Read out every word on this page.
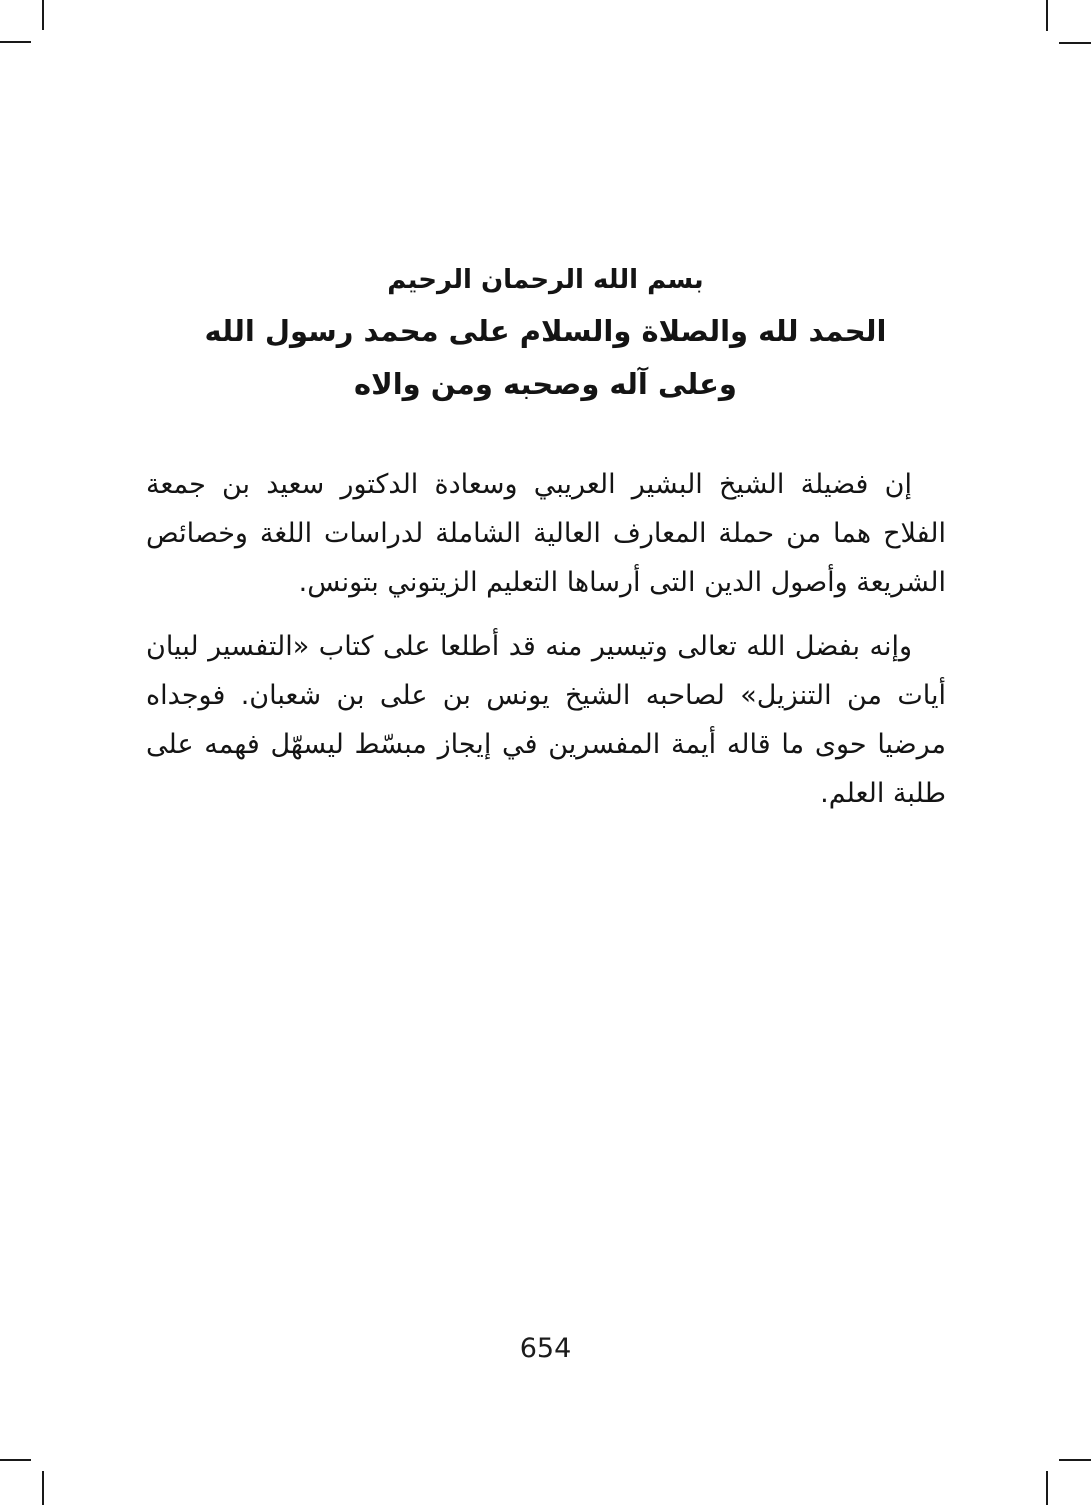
بسم الله الرحمان الرحيم
الحمد لله والصلاة والسلام على محمد رسول الله
وعلى آله وصحبه ومن والاه

إن فضيلة الشيخ البشير العريبي وسعادة الدكتور سعيد بن جمعة
الفلاح هما من حملة المعارف العالية الشاملة لدراسات اللغة وخصائص
الشريعة وأصول الدين التى أرساها التعليم الزيتوني بتونس.

وإنه بفضل الله تعالى وتيسير منه قد أطلعا على كتاب «التفسير لبيان
أيات من التنزيل» لصاحبه الشيخ يونس بن على بن شعبان. فوجداه
مرضيا حوى ما قاله أيمة المفسرين في إيجاز مبسّط ليسهّل فهمه على
طلبة العلم.

654
